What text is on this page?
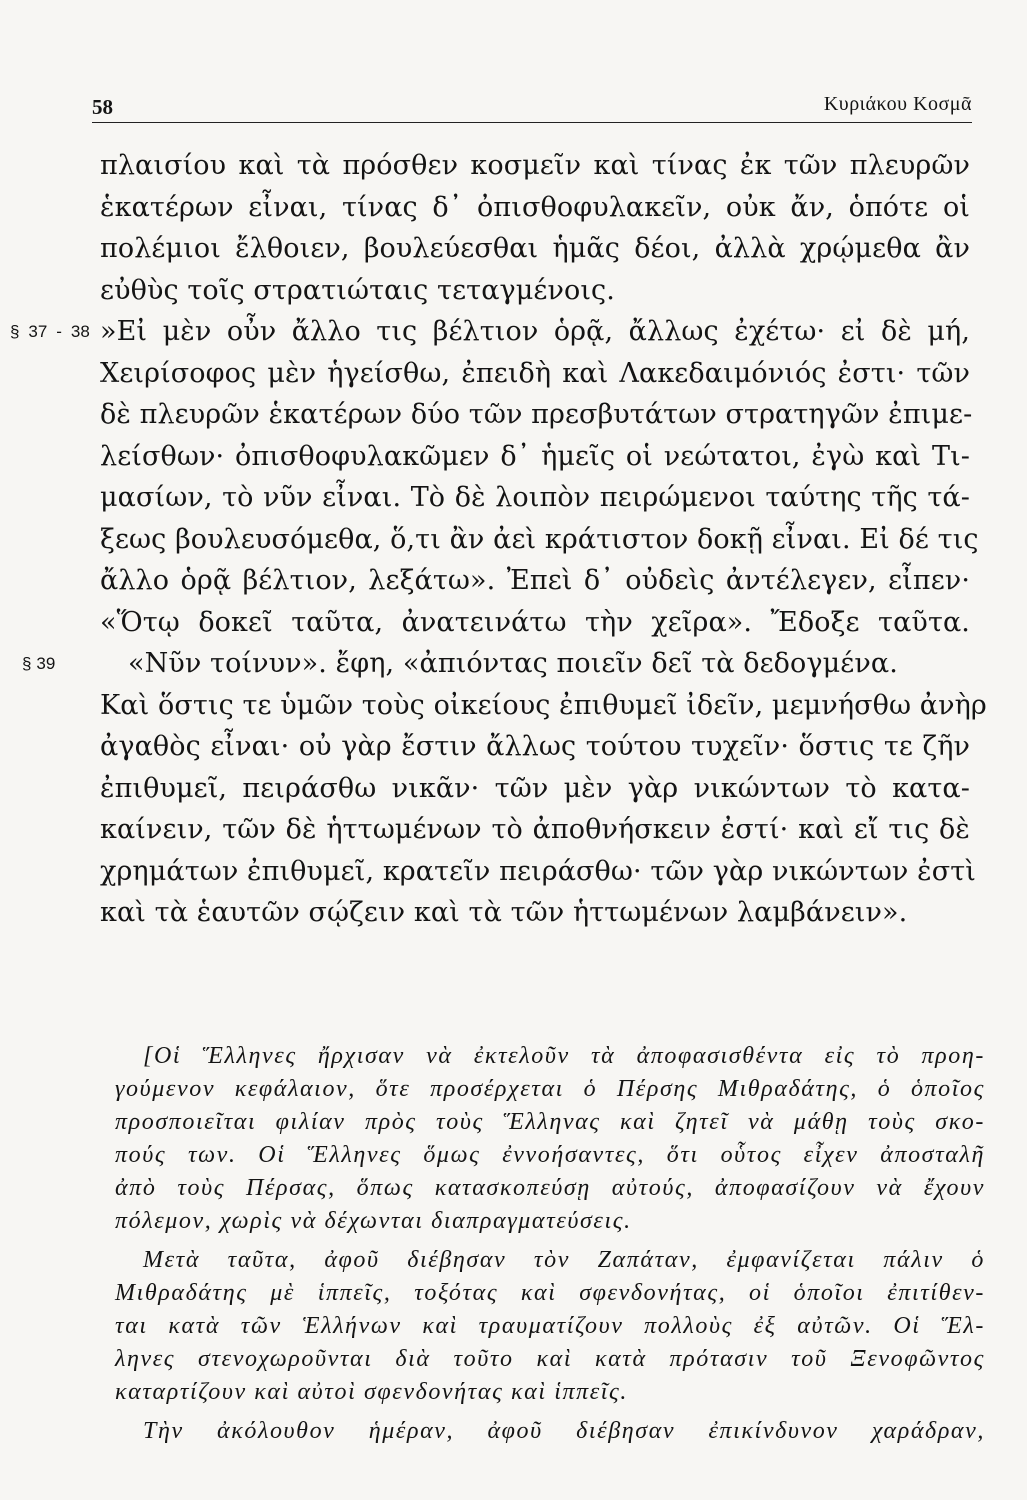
58	Κυριάκου Κοσμᾶ
πλαισίου καὶ τὰ πρόσθεν κοσμεῖν καὶ τίνας ἐκ τῶν πλευρῶν
ἑκατέρων εἶναι, τίνας δ᾽ ὀπισθοφυλακεῖν, οὐκ ἄν, ὁπότε οἱ
πολέμιοι ἔλθοιεν, βουλεύεσθαι ἡμᾶς δέοι, ἀλλὰ χρῴμεθα ἂν
εὐθὺς τοῖς στρατιώταις τεταγμένοις.
§ 37 - 38 »Εἰ μὲν οὖν ἄλλο τις βέλτιον ὁρᾷ, ἄλλως ἐχέτω· εἰ δὲ μή,
Χειρίσοφος μὲν ἡγείσθω, ἐπειδὴ καὶ Λακεδαιμόνιός ἐστι· τῶν
δὲ πλευρῶν ἑκατέρων δύο τῶν πρεσβυτάτων στρατηγῶν ἐπιμε-
λείσθων· ὀπισθοφυλακῶμεν δ᾽ ἡμεῖς οἱ νεώτατοι, ἐγὼ καὶ Τι-
μασίων, τὸ νῦν εἶναι. Τὸ δὲ λοιπὸν πειρώμενοι ταύτης τῆς τά-
ξεως βουλευσόμεθα, ὅ,τι ἂν ἀεὶ κράτιστον δοκῇ εἶναι. Εἰ δέ τις
ἄλλο ὁρᾷ βέλτιον, λεξάτω». Ἐπεὶ δ᾽ οὐδεὶς ἀντέλεγεν, εἶπεν·
«Ὅτῳ δοκεῖ ταῦτα, ἀνατεινάτω τὴν χεῖρα». Ἔδοξε ταῦτα.
§ 39	«Νῦν τοίνυν». ἔφη, «ἀπιόντας ποιεῖν δεῖ τὰ δεδογμένα.
Καὶ ὅστις τε ὑμῶν τοὺς οἰκείους ἐπιθυμεῖ ἰδεῖν, μεμνήσθω ἀνὴρ
ἀγαθὸς εἶναι· οὐ γὰρ ἔστιν ἄλλως τούτου τυχεῖν· ὅστις τε ζῆν
ἐπιθυμεῖ, πειράσθω νικᾶν· τῶν μὲν γὰρ νικώντων τὸ κατα-
καίνειν, τῶν δὲ ἡττωμένων τὸ ἀποθνήσκειν ἐστί· καὶ εἴ τις δὲ
χρημάτων ἐπιθυμεῖ, κρατεῖν πειράσθω· τῶν γὰρ νικώντων ἐστὶ
καὶ τὰ ἑαυτῶν σῴζειν καὶ τὰ τῶν ἡττωμένων λαμβάνειν».
[Οἱ Ἕλληνες ἤρχισαν νὰ ἐκτελοῦν τὰ ἀποφασισθέντα εἰς τὸ προη-
γούμενον κεφάλαιον, ὅτε προσέρχεται ὁ Πέρσης Μιθραδάτης, ὁ ὁποῖος
προσποιεῖται φιλίαν πρὸς τοὺς Ἕλληνας καὶ ζητεῖ νὰ μάθῃ τοὺς σκο-
πούς των. Οἱ Ἕλληνες ὅμως ἐννοήσαντες, ὅτι οὗτος εἶχεν ἀποσταλῆ
ἀπὸ τοὺς Πέρσας, ὅπως κατασκοπεύσῃ αὐτούς, ἀποφασίζουν νὰ ἔχουν
πόλεμον, χωρὶς νὰ δέχωνται διαπραγματεύσεις.
Μετὰ ταῦτα, ἀφοῦ διέβησαν τὸν Ζαπάταν, ἐμφανίζεται πάλιν ὁ
Μιθραδάτης μὲ ἱππεῖς, τοξότας καὶ σφενδονήτας, οἱ ὁποῖοι ἐπιτίθεν-
ται κατὰ τῶν Ἑλλήνων καὶ τραυματίζουν πολλοὺς ἐξ αὐτῶν. Οἱ Ἕλ-
ληνες στενοχωροῦνται διὰ τοῦτο καὶ κατὰ πρότασιν τοῦ Ξενοφῶντος
καταρτίζουν καὶ αὐτοὶ σφενδονήτας καὶ ἱππεῖς.
Τὴν ἀκόλουθον ἡμέραν, ἀφοῦ διέβησαν ἐπικίνδυνον χαράδραν,
